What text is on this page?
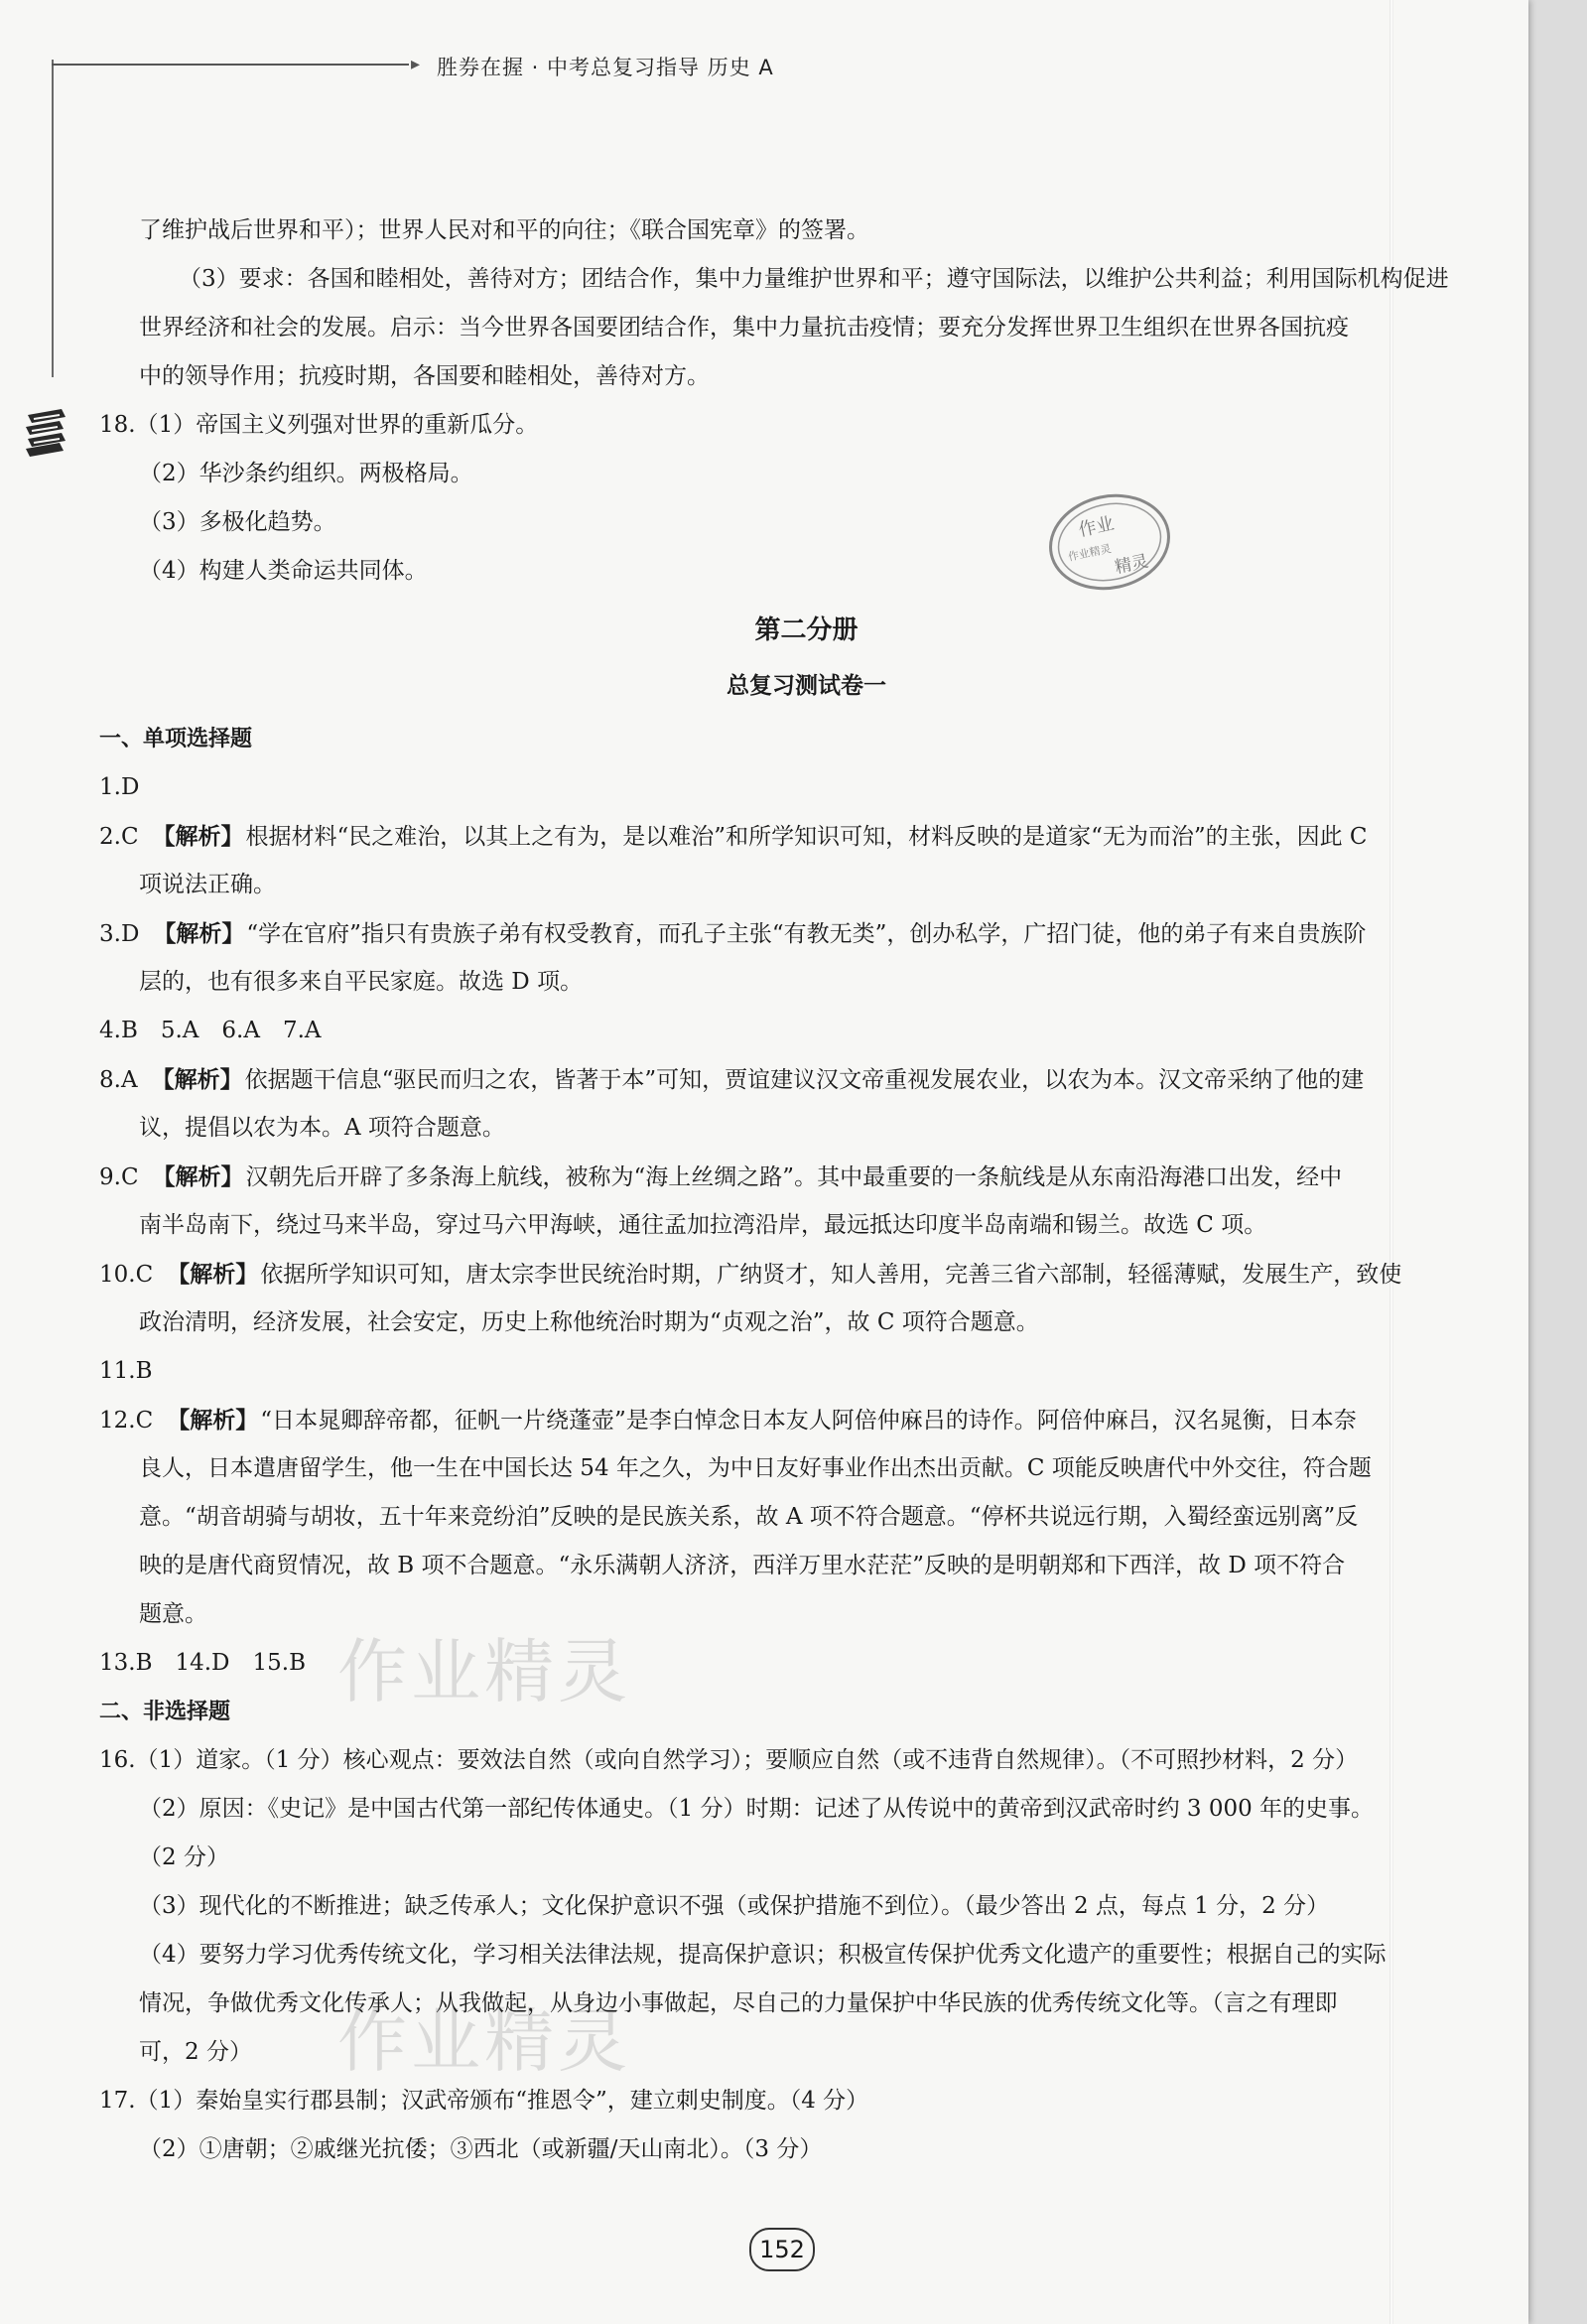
▸ 胜券在握 · 中考总复习指导 历史 A
作业
作业精灵 精灵
作业精灵
作业精灵
了维护战后世界和平）；世界人民对和平的向往；《联合国宪章》的签署。
（3）要求：各国和睦相处，善待对方；团结合作，集中力量维护世界和平；遵守国际法，以维护公共利益；利用国际机构促进
世界经济和社会的发展。启示：当今世界各国要团结合作，集中力量抗击疫情；要充分发挥世界卫生组织在世界各国抗疫
中的领导作用；抗疫时期，各国要和睦相处，善待对方。
18.（1）帝国主义列强对世界的重新瓜分。
（2）华沙条约组织。两极格局。
（3）多极化趋势。
（4）构建人类命运共同体。
第二分册
总复习测试卷一
一、单项选择题
1.D
2.C 【解析】根据材料“民之难治，以其上之有为，是以难治”和所学知识可知，材料反映的是道家“无为而治”的主张，因此 C
项说法正确。
3.D 【解析】“学在官府”指只有贵族子弟有权受教育，而孔子主张“有教无类”，创办私学，广招门徒，他的弟子有来自贵族阶
层的，也有很多来自平民家庭。故选 D 项。
4.B　5.A　6.A　7.A
8.A 【解析】依据题干信息“驱民而归之农，皆著于本”可知，贾谊建议汉文帝重视发展农业，以农为本。汉文帝采纳了他的建
议，提倡以农为本。A 项符合题意。
9.C 【解析】汉朝先后开辟了多条海上航线，被称为“海上丝绸之路”。其中最重要的一条航线是从东南沿海港口出发，经中
南半岛南下，绕过马来半岛，穿过马六甲海峡，通往孟加拉湾沿岸，最远抵达印度半岛南端和锡兰。故选 C 项。
10.C 【解析】依据所学知识可知，唐太宗李世民统治时期，广纳贤才，知人善用，完善三省六部制，轻徭薄赋，发展生产，致使
政治清明，经济发展，社会安定，历史上称他统治时期为“贞观之治”，故 C 项符合题意。
11.B
12.C 【解析】“日本晁卿辞帝都，征帆一片绕蓬壶”是李白悼念日本友人阿倍仲麻吕的诗作。阿倍仲麻吕，汉名晁衡，日本奈
良人，日本遣唐留学生，他一生在中国长达 54 年之久，为中日友好事业作出杰出贡献。C 项能反映唐代中外交往，符合题
意。“胡音胡骑与胡妆，五十年来竞纷泊”反映的是民族关系，故 A 项不符合题意。“停杯共说远行期，入蜀经蛮远别离”反
映的是唐代商贸情况，故 B 项不合题意。“永乐满朝人济济，西洋万里水茫茫”反映的是明朝郑和下西洋，故 D 项不符合
题意。
13.B　14.D　15.B
二、非选择题
16.（1）道家。（1 分）核心观点：要效法自然（或向自然学习）；要顺应自然（或不违背自然规律）。（不可照抄材料，2 分）
（2）原因：《史记》是中国古代第一部纪传体通史。（1 分）时期：记述了从传说中的黄帝到汉武帝时约 3 000 年的史事。
（2 分）
（3）现代化的不断推进；缺乏传承人；文化保护意识不强（或保护措施不到位）。（最少答出 2 点，每点 1 分，2 分）
（4）要努力学习优秀传统文化，学习相关法律法规，提高保护意识；积极宣传保护优秀文化遗产的重要性；根据自己的实际
情况，争做优秀文化传承人；从我做起，从身边小事做起，尽自己的力量保护中华民族的优秀传统文化等。（言之有理即
可，2 分）
17.（1）秦始皇实行郡县制；汉武帝颁布“推恩令”，建立刺史制度。（4 分）
（2）①唐朝；②戚继光抗倭；③西北（或新疆/天山南北）。（3 分）
152
